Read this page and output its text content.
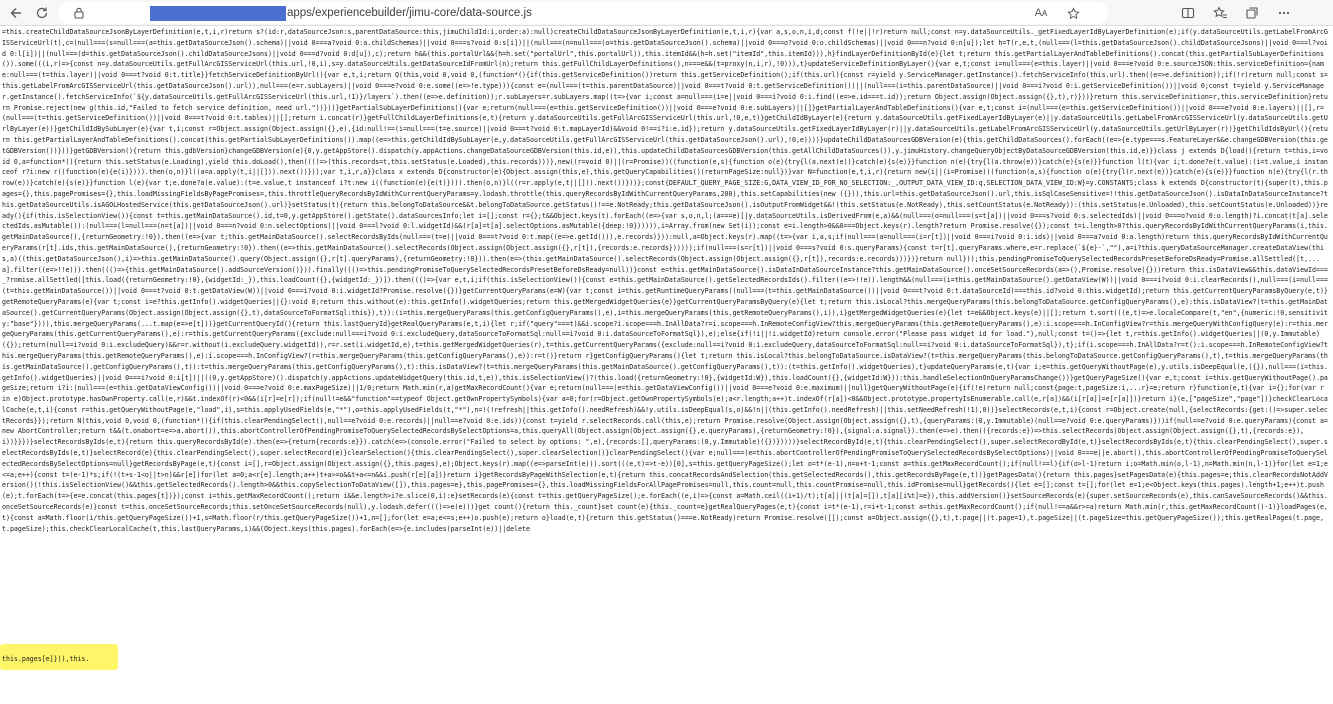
apps/experiencebuilder/jimu-core/data-source.js	Aᴀ
=this.createChildDataSourceJsonByLayerDefinition(e,t,i,r)return s?(id:r,dataSourceJson:s,parentDataSource:this,jimuChildId:i,order:a):null)createChildDataSourceJsonByLayerDefinition(e,t,i,r){var a,s,o,n,i,d;const f(!e||!r)return null;const n=y.dataSourceUtils._getFixedLayerIdByLayerDefinition(e);if(y.dataSourceUtils.getLabelFromArcGISServiceUrl(t),c=(null===(s=null===(a=this.getDataSourceJson().schema)||void 0===a?void 0:a.childSchemas)||void 0===s?void 0:s[i])||(null===(n=null===(o=this.getDataSourceJson().schema)||void 0===o?void 0:o.childSchemas)||void 0===n?void 0:n[u]);let h=T(r,e,t,(null===(l=this.getDataSourceJson().childDataSourceJsons)||void 0===l?void 0:l[i])||(null===(d=this.getDataSourceJson().childDataSourceJsons)||void 0===d?void 0:d[u]),c);return h&&(this.portalUrl&&(h=h.set("portalUrl",this.portalUrl)),this.itemId&&(h=h.set("itemId",this.itemId))),h}findLayerDefinitionById(e){let t;return this.getPartialLayerAndTableDefinitions().concat(this.getPartialSubLayerDefinitions()).some(((i,r)=>{const n=y.dataSourceUtils.getFullArcGISServiceUrl(this.url,!0,i),s=y.dataSourceUtils.getDataSourceIdFromUrl(n);return this.getFullChildLayerDefinitions(),n===e&&(t=proxy(n,i,r),!0))),t}updateServiceDefinitionByLayer(){var e,t;const i=null===(e=this.layer)||void 0===e?void 0:e.sourceJSON:this.serviceDefinition={name:null===(t=this.layer)||void 0===t?void 0:t.title}}fetchServiceDefinitionByUrl(){var e,t,i;return Q(this,void 0,void 0,(function*(){if(this.getServiceDefinition())return this.getServiceDefinition();if(this.url){const r=yield y.ServiceManager.getInstance().fetchServiceInfo(this.url).then((e=>e.definition));if(!r)return null;const s=this.getLabelFromArcGISServiceUrl(this.getDataSourceJson().url)),null===(e=r.subLayers)||void 0===e?void 0:e.some((e=>!e.type))){const e=(null===(t=this.parentDataSource)||void 0===t?void 0:t.getServiceDefinition())||(null===(i=this.parentDataSource)||void 0===i?void 0:i.getServiceDefinition())||void 0;const t=yield y.ServiceManager.getInstance().fetchServiceInfo(`${y.dataSourceUtils.getFullArcGISServiceUrl(this.url,!1)}/layers`).then((e=>e.definition));r.subLayers=r.subLayers.map((t=>{var i;const a=null===(i=e||void 0===i?void 0:i.find((e=>e.id===t.id));return Object.assign(Object.assign({},t),r)}))}return this.serviceDefinition=r,this.serviceDefinition}return Promise.reject(new g(this.id,"Failed to fetch service definition, need url."))}))}getPartialSubLayerDefinitions(){var e;return(null===(e=this.getServiceDefinition())||void 0===e?void 0:e.subLayers)||[]}getPartialLayerAndTableDefinitions(){var e,t;const i=(null===(e=this.getServiceDefinition())||void 0===e?void 0:e.layers)||[],r=(null===(t=this.getServiceDefinition())||void 0===t?void 0:t.tables)||[];return i.concat(r)}getFullChildLayerDefinitions(e,t){return y.dataSourceUtils.getFullArcGISServiceUrl(this.url,!0,e,t)}getChildIdByLayer(e){return y.dataSourceUtils.getFixedLayerIdByLayer(e)||y.dataSourceUtils.getLabelFromArcGISServiceUrl(y.dataSourceUtils.getUrlByLayer(e))}getChildIdBySubLayer(e){var t,i;const r=Object.assign(Object.assign({},e),{id:null!==(i=null===(t=e.source)||void 0===t?void 0:t.mapLayerId)&&void 0!==i?i:e.id});return y.dataSourceUtils.getFixedLayerIdByLayer(r)||y.dataSourceUtils.getLabelFromArcGISServiceUrl(y.dataSourceUtils.getUrlByLayer(r))}getChildIdsByUrl(){return this.getPartialLayerAndTableDefinitions().concat(this.getPartialSubLayerDefinitions()).map((e=>this.getChildIdBySubLayer(e,y.dataSourceUtils.getFullArcGISServiceUrl(this.getDataSourceJson().url),!0,e))))}updateChildDataSourcesGDBVersion(e){this.getChildDataSources().forEach((e=>{e.type===s.FeatureLayer&&e.changeGDBVersion(this.getGDBVersion())}))}getGDBVersion(){return this.gdbVersion}changeGDBVersion(e){0,y.getAppStore().dispatch(y.appActions.changeDataSourceGDBVersion(this.id,e)),this.updateChildDataSourcesGDBVersion(this.getAllChildDataSources()),y.jimuHistory.changeQueryObjectByDataSourceGDBVersion(this.id,e)}}class j extends D{load(){return t=this,i=void 0,a=function*(){return this.setStatus(e.Loading),yield this.doLoad(),then((()=>(this.records=t,this.setStatus(e.Loaded),this.records)))},new((r=void 0)||(r=Promise))((function(e,s){function o(e){try{l(a.next(e))}catch(e){s(e)}}function n(e){try{l(a.throw(e))}catch(e){s(e)}}function l(t){var i;t.done?e(t.value):(i=t.value,i instanceof r?i:new r((function(e){e(i)}))).then(o,n)}l((a=a.apply(t,i||[])).next())}));var t,i,r,a}}class x extends D{constructor(e){Object.assign(this,e),this.getQueryCapabilities()(returnPageSize:null})}var N=function(e,t,i,r){return new(i||(i=Promise))(function(a,s){function o(e){try{l(r.next(e))}catch(e){s(e)}}function n(e){try{l(r.throw(e))}catch(e){s(e)}}function l(e){var t;e.done?a(e.value):(t=e.value,t instanceof i?t:new i((function(e){e(t)}))).then(o,n)}l((r=r.apply(e,t||[])).next())}))};const{DEFAULT_QUERY_PAGE_SIZE:G,DATA_VIEW_ID_FOR_NO_SELECTION:_,OUTPUT_DATA_VIEW_ID:q,SELECTION_DATA_VIEW_ID:W}=y.CONSTANTS;class k extends D{constructor(t){super(t),this.pages={},this.pagePromises={},this.loadMissingFieldsByPagePromises=,this.throttleQueryRecordsByIdWithCurrentQueryParams=y.lodash.throttle(this.queryRecordsByIdWithCurrentQueryParams,200),this.setCapabilities(new ({})),this.url=this.getDataSourceJson().url,this.isSqlCaseSensitive=!!this.getDataSourceJson().isDataInDataSourceInstance?this.getDataSourceUtils.isAGOLHostedService(this.getDataSourceJson().url)}setStatus(t){return this.belongToDataSource&&t.belongToDataSource.getStatus()!==e.NotReady;this.getDataSourceJson().isOutputFromWidget&&!(this.setStatus(e.NotReady),this.setCountStatus(e.NotReady)):(this.setStatus(e.Unloaded),this.setCountStatus(e.Unloaded))}ready(){if(this.isSelectionView()){const t=this.getMainDataSource().id,t=0,y.getAppStore().getState().dataSourcesInfo;let i=[];const r={};t&&Object.keys(t).forEach((e=>{var s,o,n,l;(a===e)[|y.dataSourceUtils.isDerivedFrom(e,a)&&(null===(o=null===(s=t[a])||void 0===s?void 0:s.selectedIds)||void 0===o?void 0:o.length)?i.concat(t[a].selectedIds.asMutable()):(null===(l=null===(n=t[a])||void 0===n?void 0:n.selectOptions)||void 0===l?void 0:l.widgetId)&&(r[a]=t[a].selectOptions.asMutable({deep:!0}))))),i=Array.from(new Set(i));const e=i.length>0&&0===Object.keys(r).length?return Promise.resolve({});const t=i.length>0?this.queryRecordsByIdWithCurrentQueryParams(i,this.getMainDataSource(),{returnGeometry:!0}).then((e=>{var t;this.getMainDataSource().selectRecordsByIds(null===(t=e)||void 0===t?void 0:t.map((e=>e.getId())),e.records)})):null,a=Object.keys(r).map((t=>{var i,a,s;if(null===(a=null===(i=r[t])||void 0===i?void 0:i.ids)||void 0===a?void 0:a.length)return this.queryRecordsByIdWithCurrentQueryParams(r[t].ids,this.getMainDataSource(),{returnGeometry:!0}).then((e=>this.getMainDataSource().selectRecords(Object.assign(Object.assign({},r[t]),{records:e.records})))));if(null===(s=r[t])||void 0===s?void 0:s.queryParams){const t=r[t].queryParams.where,e=r.replace(`${e}-`,""),a=i?this.queryDataSourceManager.createDataView(this,a)((this.getDataSourceJson(),i)=>this.getMainDataSource().query(Object.assign({},r[t].queryParams),{returnGeometry:!0})).then(e=>(this.getMainDataSource().selectRecords(Object.assign(Object.assign({},r[t]),records:e.records)))})}return null}));this.pendingPromiseToQuerySelectedRecordsPresetBeforeDsReady=Promise.allSettled([t,...a].filter((e=>!!e))).then((()=>{this.getMainDataSource().addSourceVersion()})).finally((()=>this.pendingPromiseToQuerySelectedRecordsPresetBeforeDsReady=null))}const e=this.getMainDataSource().isDataInDataSourceInstance?this.getMainDataSource().onceSetSourceRecords(a=>(),Promise.resolve({}))return this.isDataView&&this.dataViewId===_?romise.allSettled([this.load({returnGeometry:!0},{widgetId:_}),this.loadCount({},{widgetId:_})]).then((()=>{var e,t,i;if(this.isSelectionView()){const e=this.getMainDataSource().getSelectedRecordsIds().filter((e=>!!e)).length&&(null===(i=this.getMainDataSource().getDataView(W))||void 0===i?void 0:i.clearRecords(),null===(i=null===(t=this.getMainDataSource())||void 0===t?void 0:t.getDataView(W))||void 0===i?void 0:i.widgetId?Promise.resolve({})}getCurrentQueryParams(e=W){var t;const i=this.getRuntimeQueryParams((null===(t=this.getMainDataSource())||void 0===t?void 0:t.dataSourceId)===this.id?void 0:this.widgetId);return this.getCurrentQueryParamsByQuery(e,t)}getRemoteQueryParams(e){var t;const i=e?this.getInfo().widgetQueries||{}:void 0;return this.without(e):this.getInfo().widgetQueries;return this.getMergedWidgetQueries(e)}getCurrentQueryParamsByQuery(e){let t;return this.isLocal?this.mergeQueryParams(this.belongToDataSource.getConfigQueryParams(),e):this.isDataView?(t=this.getMainDataSource().getCurrentQueryParams(Object.assign(Object.assign({},t),dataSourceToFormatSql:this}),t)):(i=this.mergeQueryParams(this.getConfigQueryParams(),e),i=this.mergeQueryParams(this.getRemoteQueryParams(),i)),i}getMergedWidgetQueries(e){let t=e&&Object.keys(e)||[];return t.sort(((e,t)=>e.localeCompare(t,"en",{numeric:!0,sensitivity:"base"}))),this.mergeQueryParams(...t.map(e=>e[t]))}getCurrentQueryId(){return this.lastQueryId}getRealQueryParams(e,t,i){let r;if("query"===t)&&i.scope?i.scope===h.InAllData?r=i.scope===h.InRemoteConfigView?this.mergeQueryParams(this.getRemoteQueryParams(),e):i.scope===h.InConfigView?r=this.mergeQueryWithConfigQuery(e):r=this.mergeQueryParams(this.getCurrentQueryParams(),e):r=this.getCurrentQueryParams({exclude:null===i?void 0:i.excludeQuery,dataSourceToFormatSql:null==i?void 0:i.dataSourceToFormatSql}),e);else{if(!i||!i.widgetId)return console.error("Please pass widget id for load."),null;const t=()=>{let t,r=this.getInfo().widgetQueries||(0,y.Immutable)({});return(null==i?void 0:i.excludeQuery)&&r=r.without(i.excludeQuery.widgetId)),r=r.set(i.widgetId,e),t=this.getMergedWidgetQueries(r),t=this.getCurrentQueryParams({exclude:null==i?void 0:i.excludeQuery,dataSourceToFormatSql:null==i?void 0:i.dataSourceToFormatSql}),t};if(i.scope===h.InAllData?r=t():i.scope===h.InRemoteConfigView?this.mergeQueryParams(this.getRemoteQueryParams(),e):i.scope===h.InConfigView?(r=this.mergeQueryParams(this.getConfigQueryParams(),e)):r=t()}return r}getConfigQueryParams(){let t;return this.isLocal?this.belongToDataSource.isDataView?(t=this.mergeQueryParams(this.belongToDataSource.getConfigQueryParams(),t),t=this.mergeQueryParams(this.getMainDataSource().getConfigQueryParams(),t)):t=this.mergeQueryParams(this.getConfigQueryParams(),t):this.isDataView?(t=this.mergeQueryParams(this.getMainDataSource().getConfigQueryParams(),t)):(t=this.getInfo().widgetQueries),t}updateQueryParams(e,t){var i;e=this.getQueryWithoutPage(e),y.utils.isDeepEqual(e,({}),null===(i=this.getInfo().widgetQueries)||void 0===i?void 0:i[t])||((0,y.getAppStore)().dispatch(y.appActions.updateWidgetQuery(this.id,t,e)),this.isSelectionView()?(this.load({returnGeometry:!0},{widgetId:W}),this.loadCount({},{widgetId:W})):this.handleSelectionOnQueryParamsChange())}getQueryPageSize(){var e,t;const i=this.getQueryWithoutPage().pageSize;return i?i:(null===(e=this.getDataViewConfig())||void 0===e?void 0:e.maxPageSize)||1/0;return Math.min(r,a)getMaxRecordCount(){var e;return(null===(e=this.getDataViewConfig())||void 0===e?void 0:e.maximum)||null}getQueryWithoutPage(e){if(!e)return null;const{page:t,pageSize:i,...r}=e;return r}function(e,t){var i={};for(var r in e)Object.prototype.hasOwnProperty.call(e,r)&&t.indexOf(r)<0&&(i[r]=e[r]);if(null!=e&&"function"==typeof Object.getOwnPropertySymbols){var a=0;for(r=Object.getOwnPropertySymbols(e);a<r.length;a++)t.indexOf(r[a])<0&&Object.prototype.propertyIsEnumerable.call(e,r[a])&&(i[r[a]]=e[r[a]])}return i}(e,["pageSize","page"])}checkClearLocalCache(e,t,i){const r=this.getQueryWithoutPage(e,"load",i),s=this.applyUsedFields(e,"*"),o=this.applyUsedFields(t,"*"),n=!(!refresh||this.getInfo().needRefresh)&&!y.utils.isDeepEqual(s,o)&&!n||(this.getInfo().needRefresh)||this.setNeedRefresh(!1),0))}selectRecords(e,t,i){const r=Object.create(null,{selectRecords:{get:()=>super.selectRecords}});return N(this,void 0,void 0,(function*(){if(this.clearPendingSelect(),null==e?void 0:e.records)||null==e?void 0:e.ids)){const t=yield r.selectRecords.call(this,e);return Promise.resolve(Object.assign(Object.assign({},t),{queryParams:(0,y.Immutable)(null==e?void 0:e.queryParams)}))if(null==e?void 0:e.queryParams){const a=new AbortController;return t&&(t.onabort=e=>a.abort()),this.abortControllerOfPendingPromiseToQuerySelectedRecordsBySelectOptions=a,this.queryAll(Object.assign(Object.assign({},e.queryParams),{returnGeometry:!0}),{signal:a.signal}).then(e=>e).then(({records:e})=>this.selectRecords(Object.assign(Object.assign({},t),{records:e}),i))}}})}selectRecordsByIds(e,t){return this.queryRecordsById(e).then(e=>{return{records:e}}).catch(e=>(console.error("Failed to select by options: ",e),{records:[],queryParams:(0,y.Immutable)({})}))))}selectRecordById(e,t){this.clearPendingSelect(),super.selectRecordById(e,t)}selectRecordsByIds(e,t){this.clearPendingSelect(),super.selectRecordsByIds(e,t)}selectRecord(e){this.clearPendingSelect(),super.selectRecord(e)}clearSelection(){this.clearPendingSelect(),super.clearSelection()}clearPendingSelect(){var e;null===(e=this.abortControllerOfPendingPromiseToQuerySelectedRecordsBySelectOptions)||void 0===e||e.abort(),this.abortControllerOfPendingPromiseToQuerySelectedRecordsBySelectOptions=null}getRecordsByPage(e,t){const i=[],r=Object.assign(Object.assign({},this.pages),e);Object.keys(r).map((e=>parseInt(e))).sort(((e,t)=>t-e))[0],s=this.getQueryPageSize();let o=t*(e-1),n=o+t-1;const a=this.getMaxRecordCount();if(null!==l){if(o>l-1)return i;o=Math.min(o,l-1),n=Math.min(n,l-1)}for(let e=1;e<=a;e++){const t=(e-1)*s;if(!(t+s-1<o||t>n)&&r[e])for(let a=0;a<r[e].length;a++)t+a>=o&&t+a<=n&&i.push(r[e][a])}return i}getRecordsByPageWithSelection(e,t){return this.concatRecordsAndSelection(this.getSelectedRecords(),this.getRecordsByPage(e,t))}getPagesData(){return this.pages}setPagesData(e){this.pages=e;this.clearRecordsNotAddVersion()(!this.isSelectionView()&&this.getSelectedRecords().length>0&&this.copySelectionToDataView([]),this.pages=e},this.pagePromises={},this.loadMissingFieldsForAllPagePromises=null,this.count=null,this.countPromise=null,this.idPromise=null}getRecords(){let e=[];const t=[];for(let e=1;e<Object.keys(this.pages).length+1;e++)t.push(e);t.forEach(t=>{e=e.concat(this.pages[t])});const i=this.getMaxRecordCount();return i&&e.length>i?e.slice(0,i):e}setRecords(e){const t=this.getQueryPageSize();e.forEach((e,i)=>{const a=Math.ceil((i+1)/t);t[a]||(t[a]=[]),t[a][i%t]=e}),this.addVersion()}setSourceRecords(e){super.setSourceRecords(e),this.canSaveSourceRecords()&&this.onceSetSourceRecords(e)}const t=this.onceSetSourceRecords;this.setOnceSetSourceRecords(null),y.lodash.defer((()=>e(e)))}get count(){return this._count}set count(e){this._count=e}getRealQueryPages(e,t){const i=t*(e-1),r=i+t-1;const a=this.getMaxRecordCount();if(null!==a&&r>=a)return Math.min(r,this.getMaxRecordCount()-1)}loadPages(e,t){const a=Math.floor(i/this.getQueryPageSize())+1,s=Math.floor(r/this.getQueryPageSize())+1,n=[];for(let e=a;e<=s;e++)o.push(e);return o}load(e,t){return this.getStatus()===e.NotReady)return Promise.resolve([]);const a=Object.assign({},t),t.page||(t.page=1),t.pageSize||(t.pageSize=this.getQueryPageSize());this.getRealPages(t.page,t.pageSize);this.checkClearLocalCache(t,this.lastQueryParams,i)&&(Object.keys(this.pages).forEach(e=>{e.includes(parseInt(e))||delete
this.pages[e]})),this.
